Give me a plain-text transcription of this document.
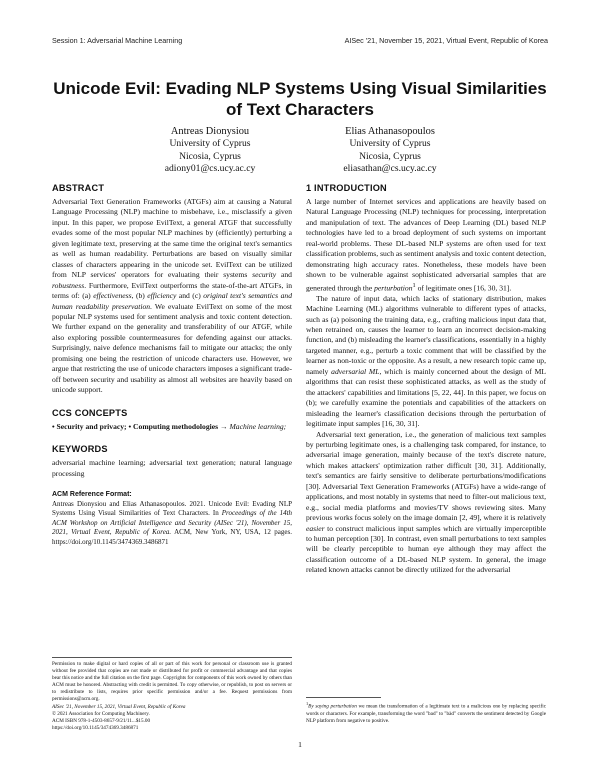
Session 1: Adversarial Machine Learning	AISec '21, November 15, 2021, Virtual Event, Republic of Korea
Unicode Evil: Evading NLP Systems Using Visual Similarities of Text Characters
Antreas Dionysiou
University of Cyprus
Nicosia, Cyprus
adiony01@cs.ucy.ac.cy
Elias Athanasopoulos
University of Cyprus
Nicosia, Cyprus
eliasathan@cs.ucy.ac.cy
ABSTRACT

Adversarial Text Generation Frameworks (ATGFs) aim at causing a Natural Language Processing (NLP) machine to misbehave, i.e., misclassify a given input. In this paper, we propose EvilText, a general ATGF that successfully evades some of the most popular NLP machines by (efficiently) perturbing a given legitimate text, preserving at the same time the original text's semantics as well as human readability. Perturbations are based on visually similar classes of characters appearing in the unicode set. EvilText can be utilized from NLP services' operators for evaluating their systems security and robustness. Furthermore, EvilText outperforms the state-of-the-art ATGFs, in terms of: (a) effectiveness, (b) efficiency and (c) original text's semantics and human readability preservation. We evaluate EvilText on some of the most popular NLP systems used for sentiment analysis and toxic content detection. We further expand on the generality and transferability of our ATGF, while also exploring possible countermeasures for defending against our attacks. Surprisingly, naive defence mechanisms fail to mitigate our attacks; the only promising one being the restriction of unicode characters use. However, we argue that restricting the use of unicode characters imposes a significant trade-off between security and usability as almost all websites are heavily based on unicode support.

CCS CONCEPTS

• Security and privacy; • Computing methodologies → Machine learning;

KEYWORDS

adversarial machine learning; adversarial text generation; natural language processing

ACM Reference Format:

Antreas Dionysiou and Elias Athanasopoulos. 2021. Unicode Evil: Evading NLP Systems Using Visual Similarities of Text Characters. In Proceedings of the 14th ACM Workshop on Artificial Intelligence and Security (AISec '21), November 15, 2021, Virtual Event, Republic of Korea. ACM, New York, NY, USA, 12 pages. https://doi.org/10.1145/3474369.3486871

Permission to make digital or hard copies of all or part of this work for personal or classroom use is granted without fee provided that copies are not made or distributed for profit or commercial advantage and that copies bear this notice and the full citation on the first page. Copyrights for components of this work owned by others than ACM must be honored. Abstracting with credit is permitted. To copy otherwise, or republish, to post on servers or to redistribute to lists, requires prior specific permission and/or a fee. Request permissions from permissions@acm.org.

AISec '21, November 15, 2021, Virtual Event, Republic of Korea

© 2021 Association for Computing Machinery.

ACM ISBN 978-1-4503-8657-9/21/11...$15.00

https://doi.org/10.1145/3474369.3486871

1 INTRODUCTION

A large number of Internet services and applications are heavily based on Natural Language Processing (NLP) techniques for processing, interpretation and manipulation of text. The advances of Deep Learning (DL) based NLP technologies have led to a broad deployment of such systems on important real-world problems. These DL-based NLP systems are often used for text classification problems, such as sentiment analysis and toxic content detection, demonstrating high accuracy rates. Nonetheless, these models have been shown to be vulnerable against sophisticated adversarial samples that are generated through the perturbation$^1$ of legitimate ones [16, 30, 31].

The nature of input data, which lacks of stationary distribution, makes Machine Learning (ML) algorithms vulnerable to different types of attacks, such as (a) poisoning the training data, e.g., crafting malicious input data that, when retrained on, causes the learner to learn an incorrect decision-making function, and (b) misleading the learner's classifications, essentially in a highly targeted manner, e.g., perturb a toxic comment that will be classified by the learner as non-toxic or the opposite. As a result, a new research topic came up, namely adversarial ML, which is mainly concerned about the design of ML algorithms that can resist these sophisticated attacks, as well as the study of the attackers' capabilities and limitations [5, 22, 44]. In this paper, we focus on (b); we carefully examine the potentials and capabilities of the attackers on misleading the learner's classification decisions through the perturbation of legitimate input samples [16, 30, 31].

Adversarial text generation, i.e., the generation of malicious text samples by perturbing legitimate ones, is a challenging task compared, for instance, to adversarial image generation, mainly because of the text's discrete nature, which makes attackers' optimization rather difficult [30, 31]. Additionally, text's semantics are fairly sensitive to deliberate perturbations/modifications [30]. Adversarial Text Generation Frameworks (ATGFs) have a wide-range of applications, and most notably in systems that need to filter-out malicious text, e.g., social media platforms and movies/TV shows reviewing sites. Many previous works focus solely on the image domain [2, 49], where it is relatively easier to construct malicious input samples which are virtually imperceptible to human perception [30]. In contrast, even small perturbations to text samples will be clearly perceptible to human eye although they may affect the classification outcome of a DL-based NLP system. In general, the image related known attacks cannot be directly utilized for the adversarial

$^1$By saying perturbation we mean the transformation of a legitimate text to a malicious one by replacing specific words or characters. For example, transforming the word "bad" to "bàd" converts the sentiment detected by Google NLP platform from negative to positive.
1
